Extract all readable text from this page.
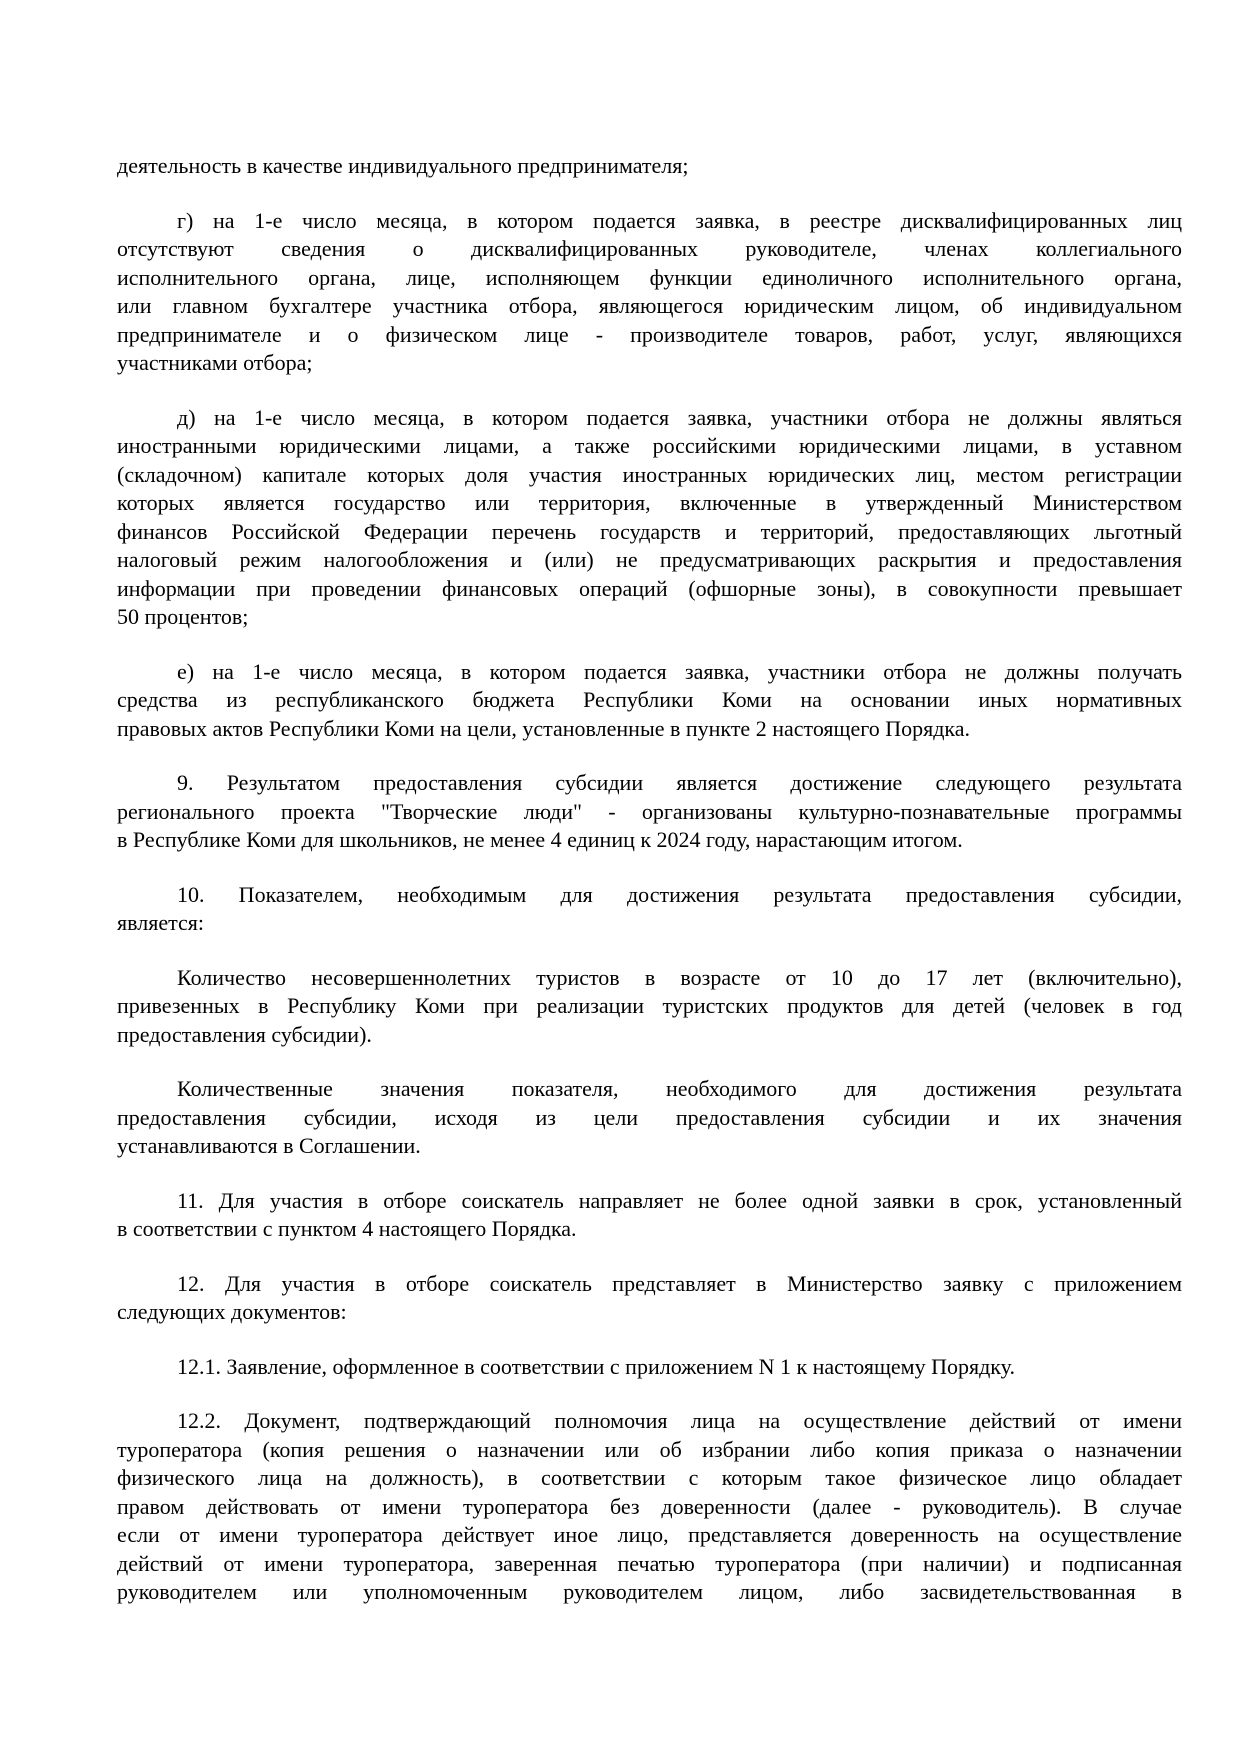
деятельность в качестве индивидуального предпринимателя;

г) на 1-е число месяца, в котором подается заявка, в реестре дисквалифицированных лиц
отсутствуют сведения о дисквалифицированных руководителе, членах коллегиального
исполнительного органа, лице, исполняющем функции единоличного исполнительного органа,
или главном бухгалтере участника отбора, являющегося юридическим лицом, об индивидуальном
предпринимателе и о физическом лице - производителе товаров, работ, услуг, являющихся
участниками отбора;

д) на 1-е число месяца, в котором подается заявка, участники отбора не должны являться
иностранными юридическими лицами, а также российскими юридическими лицами, в уставном
(складочном) капитале которых доля участия иностранных юридических лиц, местом регистрации
которых является государство или территория, включенные в утвержденный Министерством
финансов Российской Федерации перечень государств и территорий, предоставляющих льготный
налоговый режим налогообложения и (или) не предусматривающих раскрытия и предоставления
информации при проведении финансовых операций (офшорные зоны), в совокупности превышает
50 процентов;

е) на 1-е число месяца, в котором подается заявка, участники отбора не должны получать
средства из республиканского бюджета Республики Коми на основании иных нормативных
правовых актов Республики Коми на цели, установленные в пункте 2 настоящего Порядка.

9. Результатом предоставления субсидии является достижение следующего результата
регионального проекта "Творческие люди" - организованы культурно-познавательные программы
в Республике Коми для школьников, не менее 4 единиц к 2024 году, нарастающим итогом.

10. Показателем, необходимым для достижения результата предоставления субсидии,
является:

Количество несовершеннолетних туристов в возрасте от 10 до 17 лет (включительно),
привезенных в Республику Коми при реализации туристских продуктов для детей (человек в год
предоставления субсидии).

Количественные значения показателя, необходимого для достижения результата
предоставления субсидии, исходя из цели предоставления субсидии и их значения
устанавливаются в Соглашении.

11. Для участия в отборе соискатель направляет не более одной заявки в срок, установленный
в соответствии с пунктом 4 настоящего Порядка.

12. Для участия в отборе соискатель представляет в Министерство заявку с приложением
следующих документов:

12.1. Заявление, оформленное в соответствии с приложением N 1 к настоящему Порядку.

12.2. Документ, подтверждающий полномочия лица на осуществление действий от имени
туроператора (копия решения о назначении или об избрании либо копия приказа о назначении
физического лица на должность), в соответствии с которым такое физическое лицо обладает
правом действовать от имени туроператора без доверенности (далее - руководитель). В случае
если от имени туроператора действует иное лицо, представляется доверенность на осуществление
действий от имени туроператора, заверенная печатью туроператора (при наличии) и подписанная
руководителем или уполномоченным руководителем лицом, либо засвидетельствованная в
